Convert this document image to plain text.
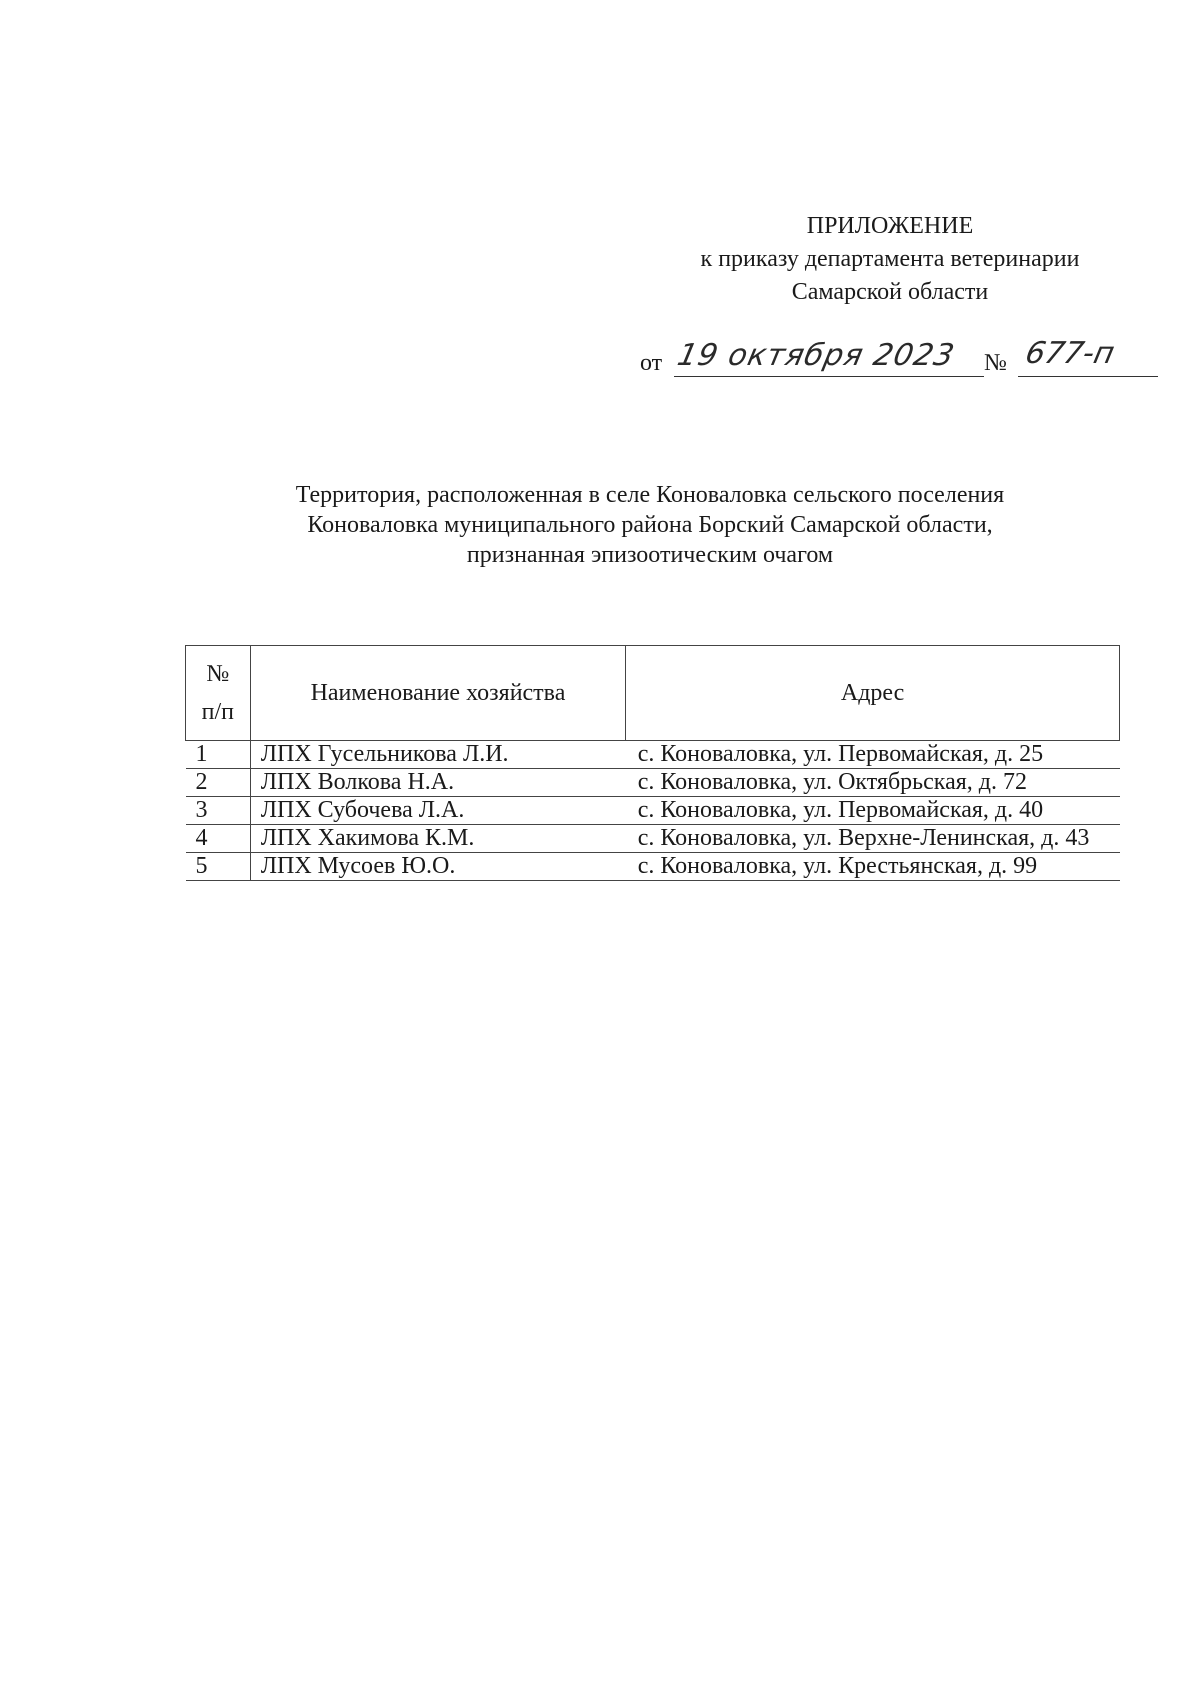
ПРИЛОЖЕНИЕ
к приказу департамента ветеринарии
Самарской области
от 19 октября 2023 № 677-п
Территория, расположенная в селе Коноваловка сельского поселения
Коноваловка муниципального района Борский Самарской области,
признанная эпизоотическим очагом
№
п/п	Наименование хозяйства	Адрес
1	ЛПХ Гусельникова Л.И.	с. Коноваловка, ул. Первомайская, д. 25
2	ЛПХ Волкова Н.А.	с. Коноваловка, ул. Октябрьская, д. 72
3	ЛПХ Субочева Л.А.	с. Коноваловка, ул. Первомайская, д. 40
4	ЛПХ Хакимова К.М.	с. Коноваловка, ул. Верхне-Ленинская, д. 43
5	ЛПХ Мусоев Ю.О.	с. Коноваловка, ул. Крестьянская, д. 99
